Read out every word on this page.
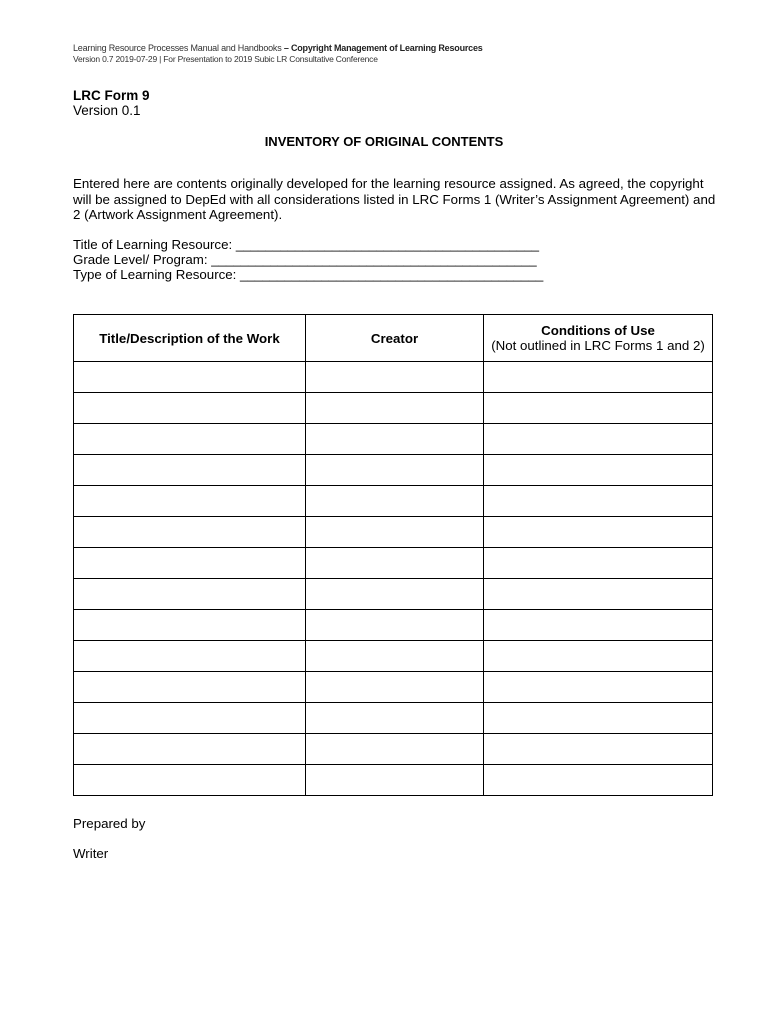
Learning Resource Processes Manual and Handbooks – Copyright Management of Learning Resources
Version 0.7 2019-07-29 | For Presentation to 2019 Subic LR Consultative Conference
LRC Form 9
Version 0.1
INVENTORY OF ORIGINAL CONTENTS
Entered here are contents originally developed for the learning resource assigned. As agreed, the copyright will be assigned to DepEd with all considerations listed in LRC Forms 1 (Writer’s Assignment Agreement) and 2 (Artwork Assignment Agreement).
Title of Learning Resource: _________________________________________
Grade Level/ Program: ____________________________________________
Type of Learning Resource: _________________________________________
Title/Description of the Work	Creator	Conditions of Use
(Not outlined in LRC Forms 1 and 2)

Prepared by
Writer
